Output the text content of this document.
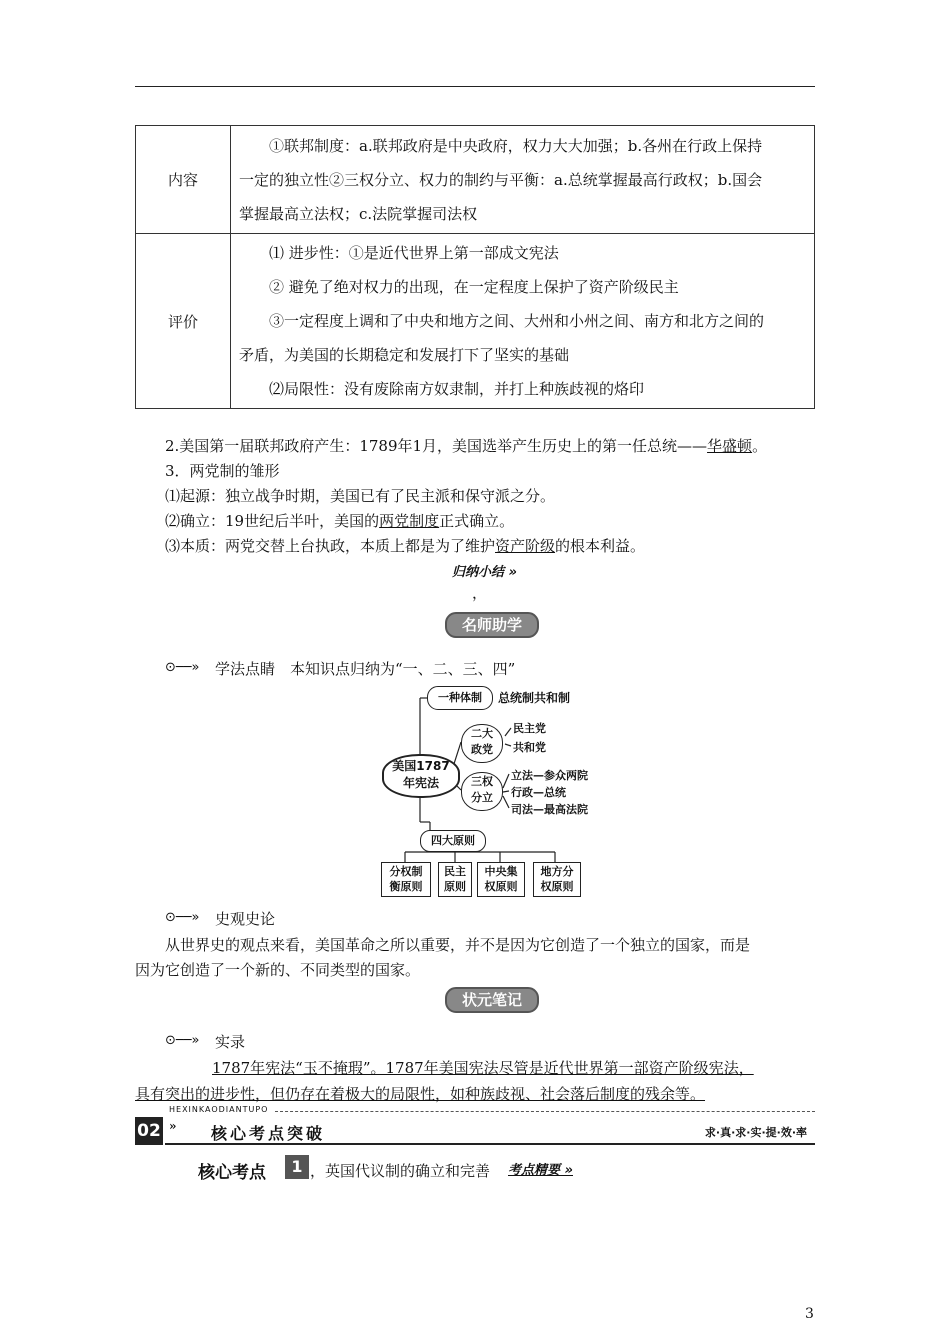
内容	①联邦制度：a.联邦政府是中央政府，权力大大加强；b.各州在行政上保持

一定的独立性②三权分立、权力的制约与平衡：a.总统掌握最高行政权；b.国会

掌握最高立法权；c.法院掌握司法权

评价	⑴ 进步性：①是近代世界上第一部成文宪法

② 避免了绝对权力的出现，在一定程度上保护了资产阶级民主

③一定程度上调和了中央和地方之间、大州和小州之间、南方和北方之间的

矛盾，为美国的长期稳定和发展打下了坚实的基础

⑵局限性：没有废除南方奴隶制，并打上种族歧视的烙印

2.美国第一届联邦政府产生：1789年1月，美国选举产生历史上的第一任总统——华盛顿。
3．两党制的雏形
⑴起源：独立战争时期，美国已有了民主派和保守派之分。
⑵确立：19世纪后半叶，美国的两党制度正式确立。
⑶本质：两党交替上台执政，本质上都是为了维护资产阶级的根本利益。
归纳小结 »
，
名师助学
⊙──» 学法点睛　本知识点归纳为“一、二、三、四”
美国1787
年宪法
一种体制	总统制共和制
二大
政党
民主党
共和党
三权
分立
立法—参众两院
行政—总统
司法—最高法院
四大原则
分权制
衡原则
民主
原则
中央集
权原则
地方分
权原则
⊙──» 史观史论
从世界史的观点来看，美国革命之所以重要，并不是因为它创造了一个独立的国家，而是
因为它创造了一个新的、不同类型的国家。
状元笔记
⊙──» 实录
1787年宪法“玉不掩瑕”。1787年美国宪法尽管是近代世界第一部资产阶级宪法，
具有突出的进步性，但仍存在着极大的局限性，如种族歧视、社会落后制度的残余等。
02 »
HEXINKAODIANTUPO
核心考点突破	求·真·求·实·提·效·率
核心考点	1 ，英国代议制的确立和完善 考点精要 »
3
